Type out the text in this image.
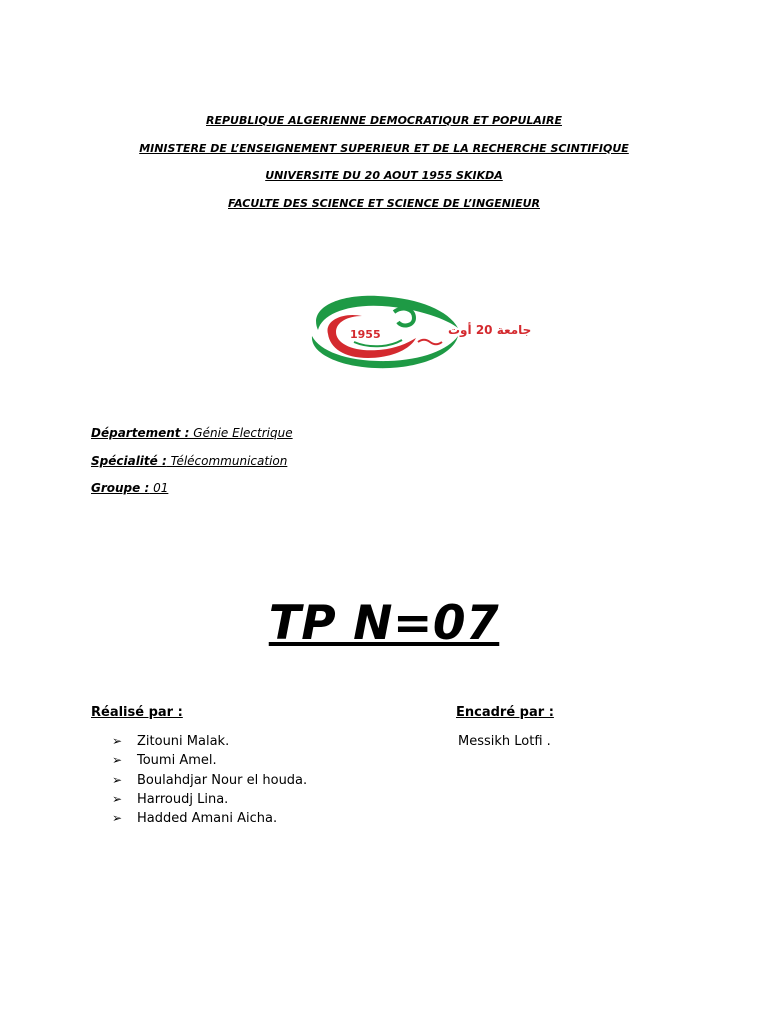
REPUBLIQUE ALGERIENNE DEMOCRATIQUR ET POPULAIRE
MINISTERE DE L’ENSEIGNEMENT SUPERIEUR ET DE LA RECHERCHE SCINTIFIQUE
UNIVERSITE DU 20 AOUT 1955 SKIKDA
FACULTE DES SCIENCE ET SCIENCE DE L’INGENIEUR
1955	جامعة 20 أوت
Département : Génie Electrique
Spécialité : Télécommunication
Groupe : 01
TP N=07
Réalisé par :	Encadré par :
➢ Zitouni Malak.
➢ Toumi Amel.
➢ Boulahdjar Nour el houda.
➢ Harroudj Lina.
➢ Hadded Amani Aicha.
Messikh Lotfi .
